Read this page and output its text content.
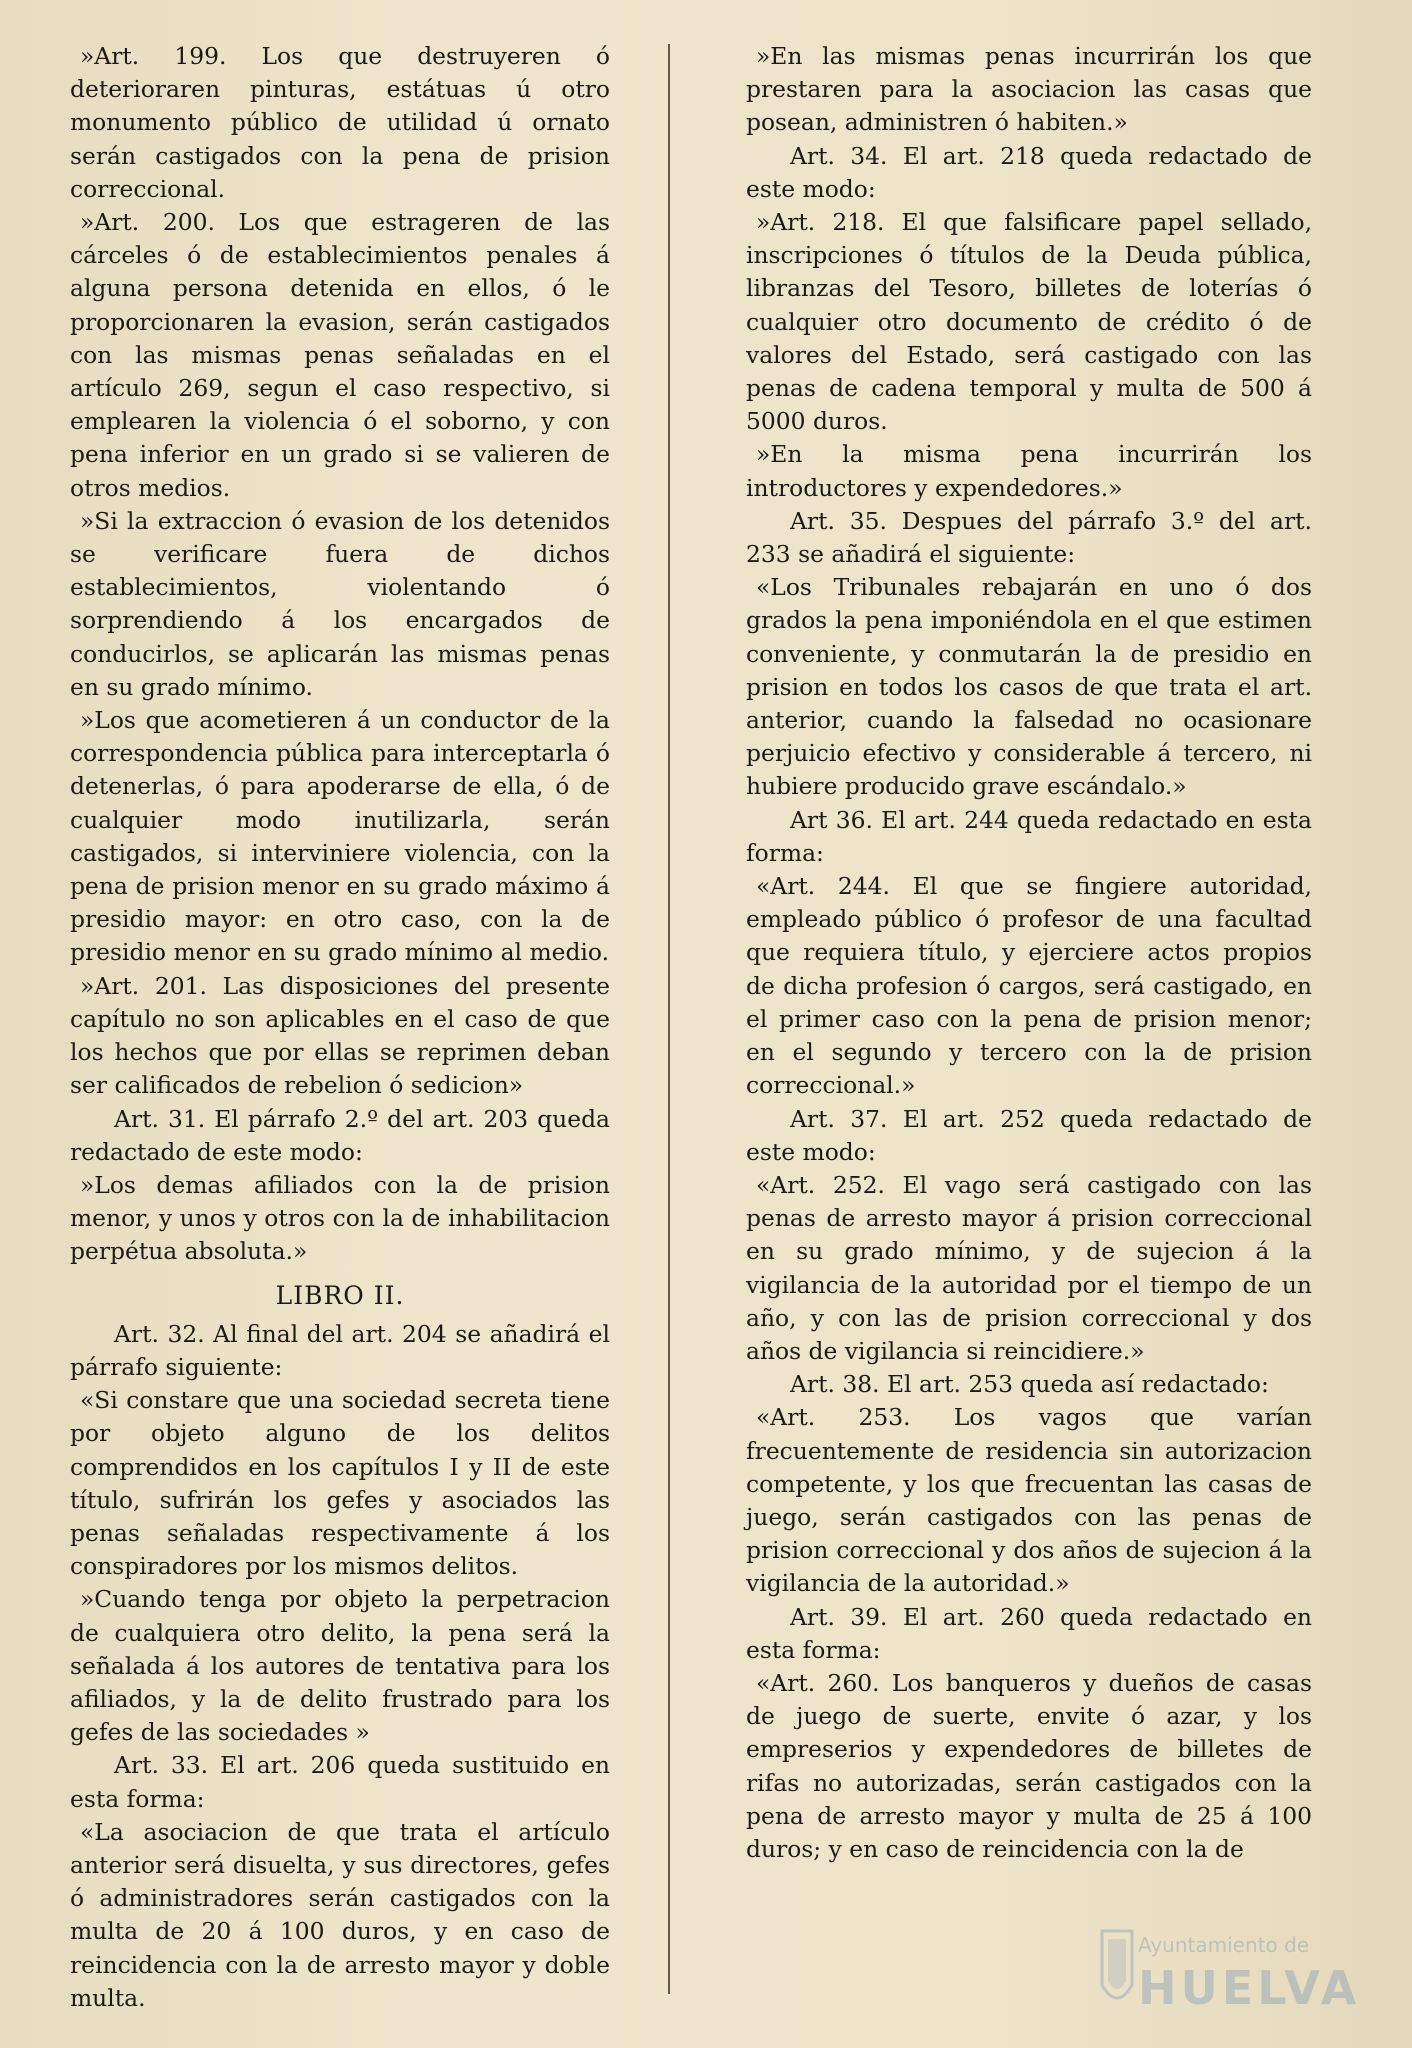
»Art. 199. Los que destruyeren ó deterioraren pinturas, estátuas ú otro monumento público de utilidad ú ornato serán castigados con la pena de prision correccional.

»Art. 200. Los que estrageren de las cárceles ó de establecimientos penales á alguna persona detenida en ellos, ó le proporcionaren la evasion, serán castigados con las mismas penas señaladas en el artículo 269, segun el caso respectivo, si emplearen la violencia ó el soborno, y con pena inferior en un grado si se valieren de otros medios.

»Si la extraccion ó evasion de los detenidos se verificare fuera de dichos establecimientos, violentando ó sorprendiendo á los encargados de conducirlos, se aplicarán las mismas penas en su grado mínimo.

»Los que acometieren á un conductor de la correspondencia pública para interceptarla ó detenerlas, ó para apoderarse de ella, ó de cualquier modo inutilizarla, serán castigados, si interviniere violencia, con la pena de prision menor en su grado máximo á presidio mayor: en otro caso, con la de presidio menor en su grado mínimo al medio.

»Art. 201. Las disposiciones del presente capítulo no son aplicables en el caso de que los hechos que por ellas se reprimen deban ser calificados de rebelion ó sedicion»

Art. 31. El párrafo 2.º del art. 203 queda redactado de este modo:

»Los demas afiliados con la de prision menor, y unos y otros con la de inhabilitacion perpétua absoluta.»

LIBRO II.

Art. 32. Al final del art. 204 se añadirá el párrafo siguiente:

«Si constare que una sociedad secreta tiene por objeto alguno de los delitos comprendidos en los capítulos I y II de este título, sufrirán los gefes y asociados las penas señaladas respectivamente á los conspiradores por los mismos delitos.

»Cuando tenga por objeto la perpetracion de cualquiera otro delito, la pena será la señalada á los autores de tentativa para los afiliados, y la de delito frustrado para los gefes de las sociedades »

Art. 33. El art. 206 queda sustituido en esta forma:

«La asociacion de que trata el artículo anterior será disuelta, y sus directores, gefes ó administradores serán castigados con la multa de 20 á 100 duros, y en caso de reincidencia con la de arresto mayor y doble multa.

»En las mismas penas incurrirán los que prestaren para la asociacion las casas que posean, administren ó habiten.»

Art. 34. El art. 218 queda redactado de este modo:

»Art. 218. El que falsificare papel sellado, inscripciones ó títulos de la Deuda pública, libranzas del Tesoro, billetes de loterías ó cualquier otro documento de crédito ó de valores del Estado, será castigado con las penas de cadena temporal y multa de 500 á 5000 duros.

»En la misma pena incurrirán los introductores y expendedores.»

Art. 35. Despues del párrafo 3.º del art. 233 se añadirá el siguiente:

«Los Tribunales rebajarán en uno ó dos grados la pena imponiéndola en el que estimen conveniente, y conmutarán la de presidio en prision en todos los casos de que trata el art. anterior, cuando la falsedad no ocasionare perjuicio efectivo y considerable á tercero, ni hubiere producido grave escándalo.»

Art 36. El art. 244 queda redactado en esta forma:

«Art. 244. El que se fingiere autoridad, empleado público ó profesor de una facultad que requiera título, y ejerciere actos propios de dicha profesion ó cargos, será castigado, en el primer caso con la pena de prision menor; en el segundo y tercero con la de prision correccional.»

Art. 37. El art. 252 queda redactado de este modo:

«Art. 252. El vago será castigado con las penas de arresto mayor á prision correccional en su grado mínimo, y de sujecion á la vigilancia de la autoridad por el tiempo de un año, y con las de prision correccional y dos años de vigilancia si reincidiere.»

Art. 38. El art. 253 queda así redactado:

«Art. 253. Los vagos que varían frecuentemente de residencia sin autorizacion competente, y los que frecuentan las casas de juego, serán castigados con las penas de prision correccional y dos años de sujecion á la vigilancia de la autoridad.»

Art. 39. El art. 260 queda redactado en esta forma:

«Art. 260. Los banqueros y dueños de casas de juego de suerte, envite ó azar, y los empreserios y expendedores de billetes de rifas no autorizadas, serán castigados con la pena de arresto mayor y multa de 25 á 100 duros; y en caso de reincidencia con la de

Ayuntamiento de
HUELVA
